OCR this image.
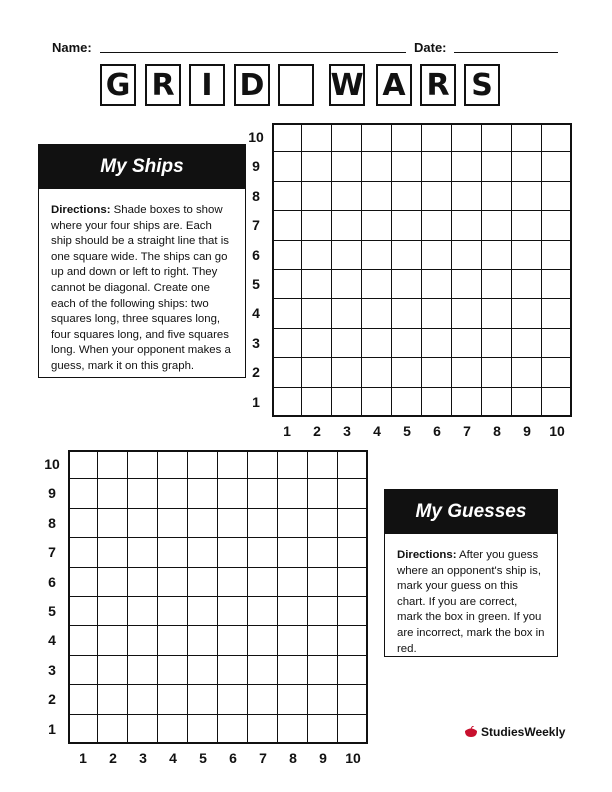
Name:	Date:
G R I D W A R S
My Ships
Directions: Shade boxes to show where your four ships are. Each ship should be a straight line that is one square wide. The ships can go up and down or left to right. They cannot be diagonal. Create one each of the following ships: two squares long, three squares long, four squares long, and five squares long. When your opponent makes a guess, mark it on this graph.
My Guesses
Directions: After you guess where an opponent's ship is, mark your guess on this chart. If you are correct, mark the box in green. If you are incorrect, mark the box in red.
StudiesWeekly
10
9
8
7
6
5
4
3
2
1
1	2	3	4	5	6	7	8	9	10
10
9
8
7
6
5
4
3
2
1
1	2	3	4	5	6	7	8	9	10
